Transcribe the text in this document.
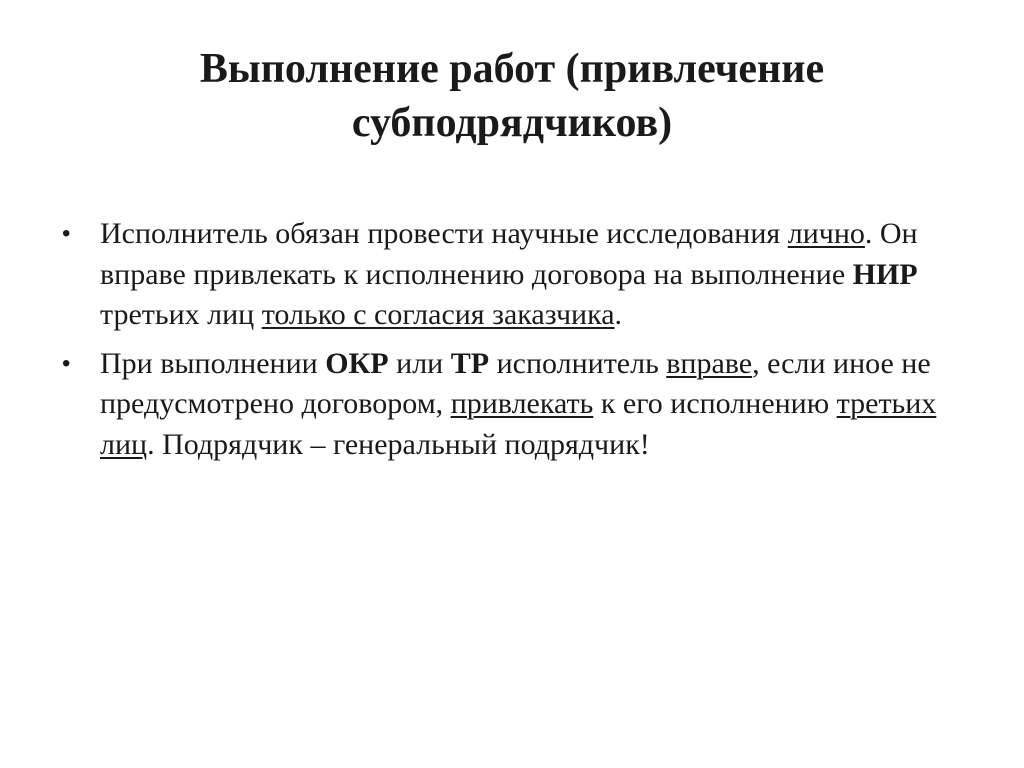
Выполнение работ (привлечение
субподрядчиков)
• Исполнитель обязан провести научные исследования лично. Он вправе привлекать к исполнению договора на выполнение НИР третьих лиц только с согласия заказчика.
• При выполнении ОКР или ТР исполнитель вправе, если иное не предусмотрено договором, привлекать к его исполнению третьих лиц. Подрядчик – генеральный подрядчик!
